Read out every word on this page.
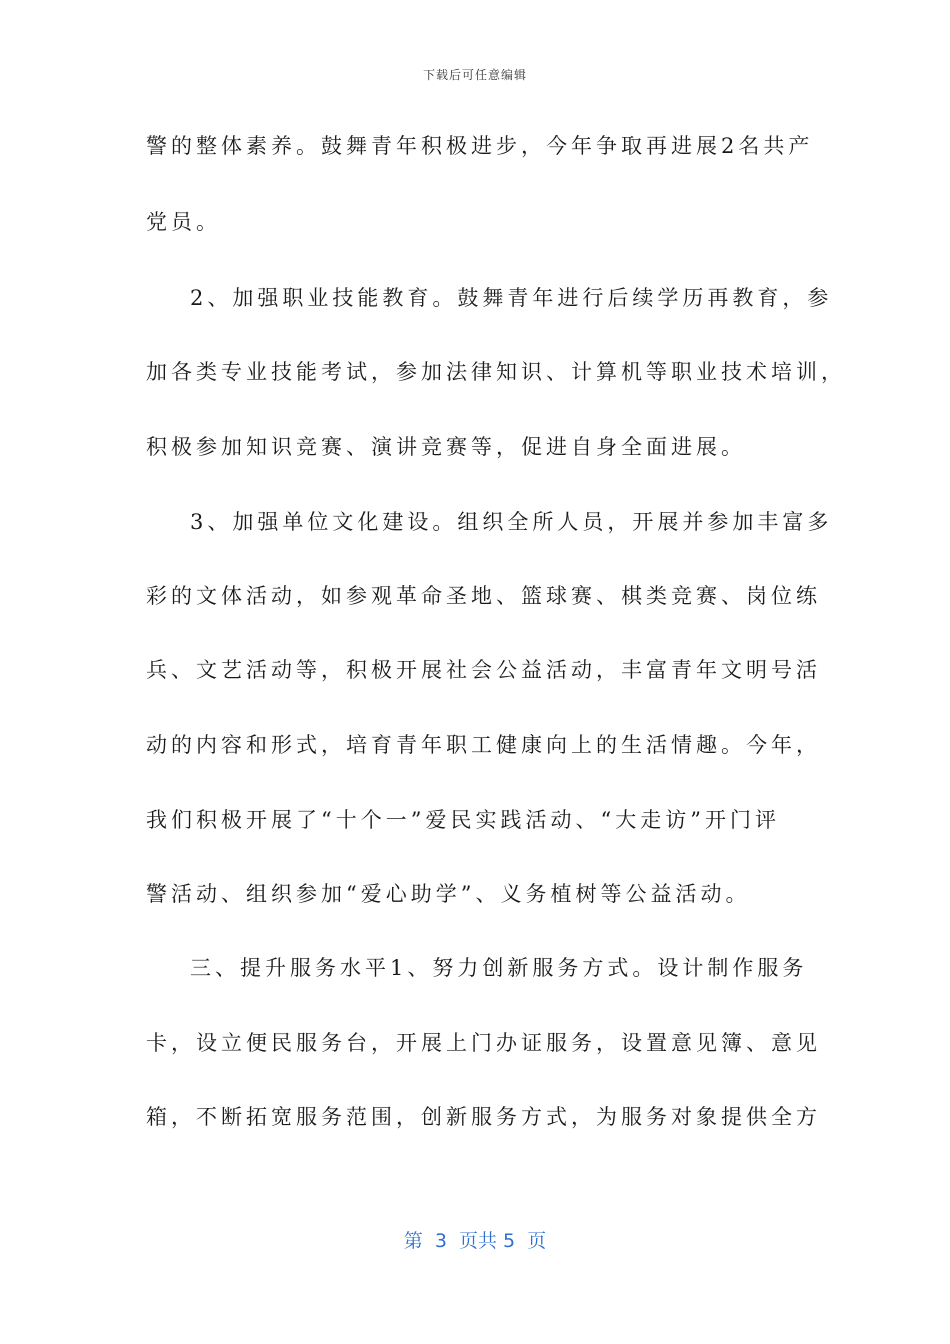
下载后可任意编辑
警的整体素养。鼓舞青年积极进步，今年争取再进展2名共产
党员。
2、加强职业技能教育。鼓舞青年进行后续学历再教育，参
加各类专业技能考试，参加法律知识、计算机等职业技术培训，
积极参加知识竞赛、演讲竞赛等，促进自身全面进展。
3、加强单位文化建设。组织全所人员，开展并参加丰富多
彩的文体活动，如参观革命圣地、篮球赛、棋类竞赛、岗位练
兵、文艺活动等，积极开展社会公益活动，丰富青年文明号活
动的内容和形式，培育青年职工健康向上的生活情趣。今年，
我们积极开展了“十个一”爱民实践活动、“大走访”开门评
警活动、组织参加“爱心助学”、义务植树等公益活动。
三、提升服务水平1、努力创新服务方式。设计制作服务
卡，设立便民服务台，开展上门办证服务，设置意见簿、意见
箱，不断拓宽服务范围，创新服务方式，为服务对象提供全方
第  3  页共 5  页
